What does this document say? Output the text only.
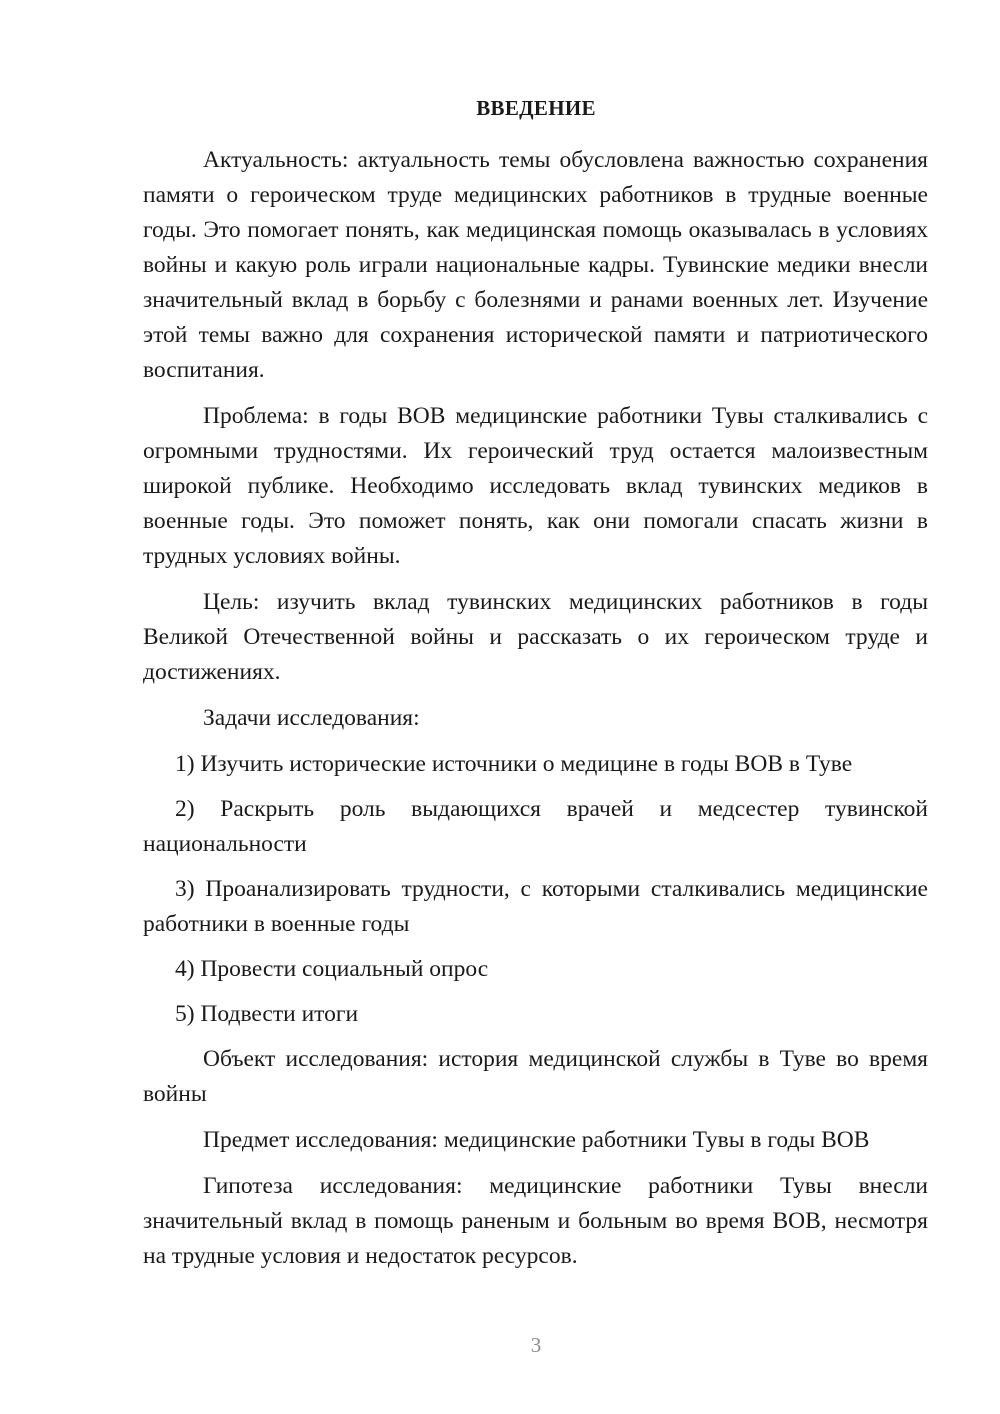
ВВЕДЕНИЕ

Актуальность: актуальность темы обусловлена важностью сохранения памяти о героическом труде медицинских работников в трудные военные годы. Это помогает понять, как медицинская помощь оказывалась в условиях войны и какую роль играли национальные кадры. Тувинские медики внесли значительный вклад в борьбу с болезнями и ранами военных лет. Изучение этой темы важно для сохранения исторической памяти и патриотического воспитания.

Проблема: в годы ВОВ медицинские работники Тувы сталкивались с огромными трудностями. Их героический труд остается малоизвестным широкой публике. Необходимо исследовать вклад тувинских медиков в военные годы. Это поможет понять, как они помогали спасать жизни в трудных условиях войны.

Цель: изучить вклад тувинских медицинских работников в годы Великой Отечественной войны и рассказать о их героическом труде и достижениях.

Задачи исследования:

1) Изучить исторические источники о медицине в годы ВОВ в Туве

2) Раскрыть роль выдающихся врачей и медсестер тувинской национальности

3) Проанализировать трудности, с которыми сталкивались медицинские работники в военные годы

4) Провести социальный опрос

5) Подвести итоги

Объект исследования: история медицинской службы в Туве во время войны

Предмет исследования: медицинские работники Тувы в годы ВОВ

Гипотеза исследования: медицинские работники Тувы внесли значительный вклад в помощь раненым и больным во время ВОВ, несмотря на трудные условия и недостаток ресурсов.

3
